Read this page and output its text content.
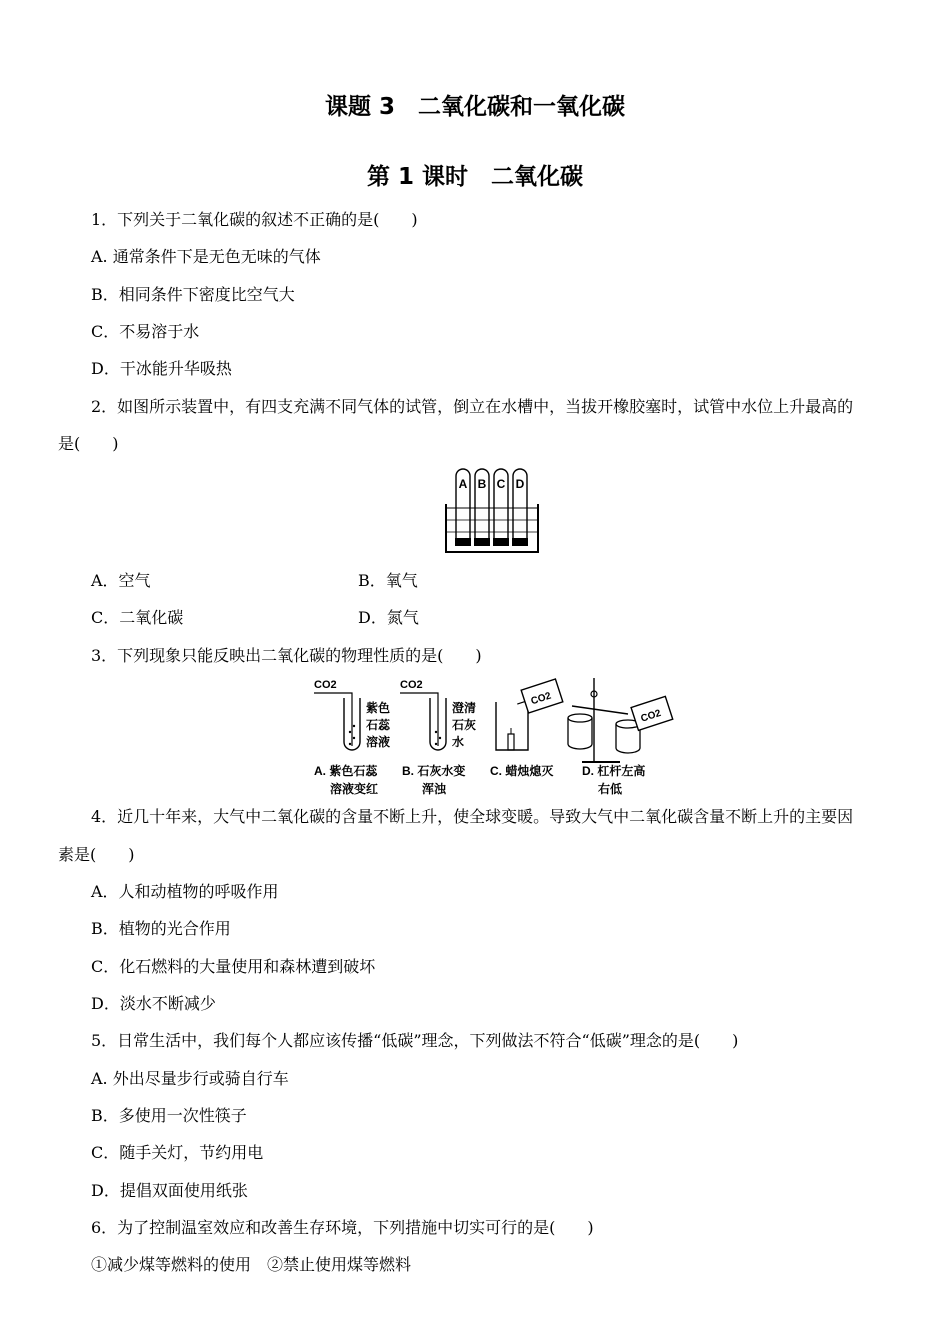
课题 3　二氧化碳和一氧化碳
第 1 课时　二氧化碳
1．下列关于二氧化碳的叙述不正确的是(　　)
A. 通常条件下是无色无味的气体
B．相同条件下密度比空气大
C．不易溶于水
D．干冰能升华吸热
2．如图所示装置中，有四支充满不同气体的试管，倒立在水槽中，当拔开橡胶塞时，试管中水位上升最高的
是(　　)
A B C D
A．空气	B．氧气
C．二氧化碳	D．氮气
3．下列现象只能反映出二氧化碳的物理性质的是(　　)
CO2
紫色
石蕊
溶液
A. 紫色石蕊
溶液变红
CO2
澄清
石灰
水
B. 石灰水变
浑浊
CO2
C. 蜡烛熄灭
CO2
D. 杠杆左高
右低
4．近几十年来，大气中二氧化碳的含量不断上升，使全球变暖。导致大气中二氧化碳含量不断上升的主要因
素是(　　)
A．人和动植物的呼吸作用
B．植物的光合作用
C．化石燃料的大量使用和森林遭到破坏
D．淡水不断减少
5．日常生活中，我们每个人都应该传播“低碳”理念，下列做法不符合“低碳”理念的是(　　)
A. 外出尽量步行或骑自行车
B．多使用一次性筷子
C．随手关灯，节约用电
D．提倡双面使用纸张
6．为了控制温室效应和改善生存环境，下列措施中切实可行的是(　　)
①减少煤等燃料的使用　②禁止使用煤等燃料
